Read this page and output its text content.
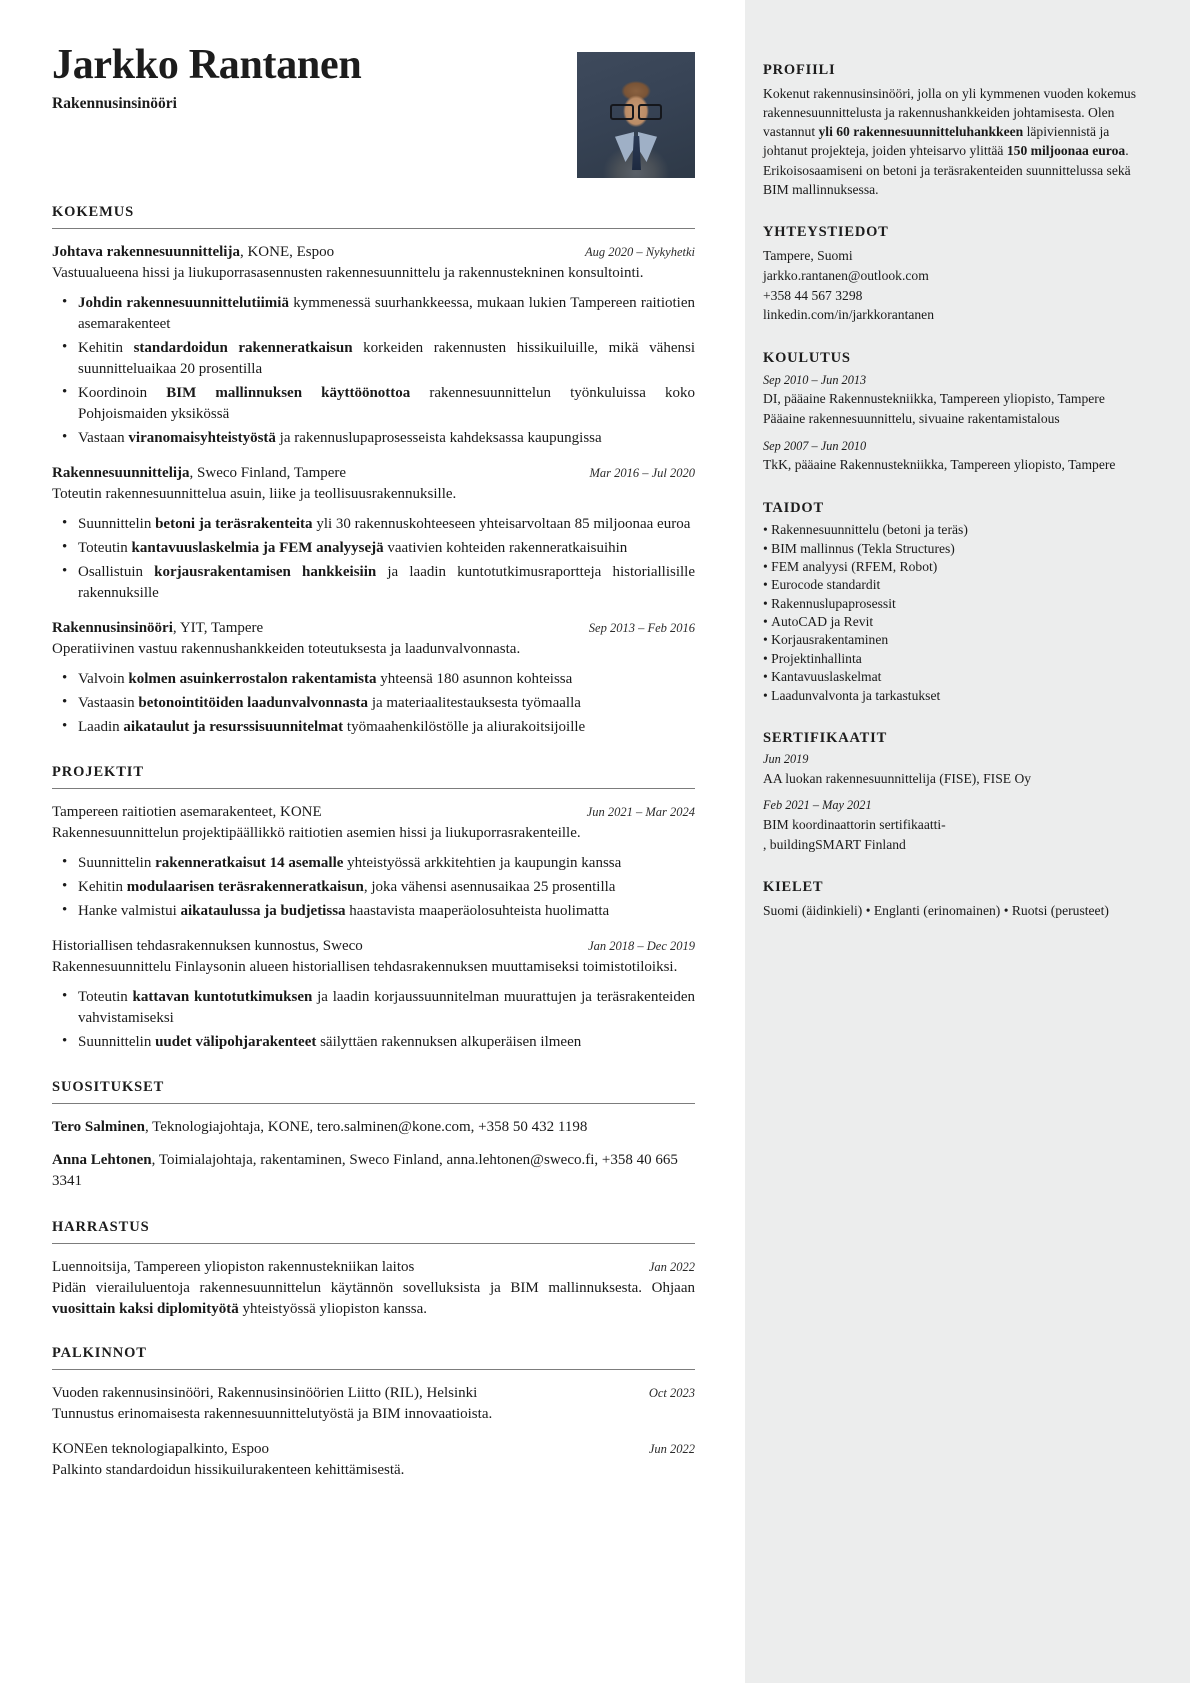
Jarkko Rantanen
Rakennusinsinööri
KOKEMUS
Johtava rakennesuunnittelija, KONE, Espoo	Aug 2020 – Nykyhetki
Vastuualueena hissi ja liukuporrasasennusten rakennesuunnittelu ja rakennustekninen konsultointi.
• Johdin rakennesuunnittelutiimiä kymmenessä suurhankkeessa, mukaan lukien Tampereen raitiotien asemarakenteet
• Kehitin standardoidun rakenneratkaisun korkeiden rakennusten hissikuiluille, mikä vähensi suunnitteluaikaa 20 prosentilla
• Koordinoin BIM mallinnuksen käyttöönottoa rakennesuunnittelun työnkuluissa koko Pohjoismaiden yksikössä
• Vastaan viranomaisyhteistyöstä ja rakennuslupaprosesseista kahdeksassa kaupungissa
Rakennesuunnittelija, Sweco Finland, Tampere	Mar 2016 – Jul 2020
Toteutin rakennesuunnittelua asuin, liike ja teollisuusrakennuksille.
• Suunnittelin betoni ja teräsrakenteita yli 30 rakennuskohteeseen yhteisarvoltaan 85 miljoonaa euroa
• Toteutin kantavuuslaskelmia ja FEM analyysejä vaativien kohteiden rakenneratkaisuihin
• Osallistuin korjausrakentamisen hankkeisiin ja laadin kuntotutkimusraportteja historiallisille rakennuksille
Rakennusinsinööri, YIT, Tampere	Sep 2013 – Feb 2016
Operatiivinen vastuu rakennushankkeiden toteutuksesta ja laadunvalvonnasta.
• Valvoin kolmen asuinkerrostalon rakentamista yhteensä 180 asunnon kohteissa
• Vastaasin betonointitöiden laadunvalvonnasta ja materiaalitestauksesta työmaalla
• Laadin aikataulut ja resurssisuunnitelmat työmaahenkilöstölle ja aliurakoitsijoille
PROJEKTIT
Tampereen raitiotien asemarakenteet, KONE	Jun 2021 – Mar 2024
Rakennesuunnittelun projektipäällikkö raitiotien asemien hissi ja liukuporrasrakenteille.
• Suunnittelin rakenneratkaisut 14 asemalle yhteistyössä arkkitehtien ja kaupungin kanssa
• Kehitin modulaarisen teräsrakenneratkaisun, joka vähensi asennusaikaa 25 prosentilla
• Hanke valmistui aikataulussa ja budjetissa haastavista maaperäolosuhteista huolimatta
Historiallisen tehdasrakennuksen kunnostus, Sweco	Jan 2018 – Dec 2019
Rakennesuunnittelu Finlaysonin alueen historiallisen tehdasrakennuksen muuttamiseksi toimistotiloiksi.
• Toteutin kattavan kuntotutkimuksen ja laadin korjaussuunnitelman muurattujen ja teräsrakenteiden vahvistamiseksi
• Suunnittelin uudet välipohjarakenteet säilyttäen rakennuksen alkuperäisen ilmeen
SUOSITUKSET
Tero Salminen, Teknologiajohtaja, KONE, tero.salminen@kone.com, +358 50 432 1198
Anna Lehtonen, Toimialajohtaja, rakentaminen, Sweco Finland, anna.lehtonen@sweco.fi, +358 40 665 3341
HARRASTUS
Luennoitsija, Tampereen yliopiston rakennustekniikan laitos	Jan 2022
Pidän vierailuluentoja rakennesuunnittelun käytännön sovelluksista ja BIM mallinnuksesta. Ohjaan vuosittain kaksi diplomityötä yhteistyössä yliopiston kanssa.
PALKINNOT
Vuoden rakennusinsinööri, Rakennusinsinöörien Liitto (RIL), Helsinki	Oct 2023
Tunnustus erinomaisesta rakennesuunnittelutyöstä ja BIM innovaatioista.
KONEen teknologiapalkinto, Espoo	Jun 2022
Palkinto standardoidun hissikuilurakenteen kehittämisestä.
PROFIILI
Kokenut rakennusinsinööri, jolla on yli kymmenen vuoden kokemus rakennesuunnittelusta ja rakennushankkeiden johtamisesta. Olen vastannut yli 60 rakennesuunnitteluhankkeen läpiviennistä ja johtanut projekteja, joiden yhteisarvo ylittää 150 miljoonaa euroa. Erikoisosaamiseni on betoni ja teräsrakenteiden suunnittelussa sekä BIM mallinnuksessa.
YHTEYSTIEDOT
Tampere, Suomi
jarkko.rantanen@outlook.com
+358 44 567 3298
linkedin.com/in/jarkkorantanen
KOULUTUS
Sep 2010 – Jun 2013
DI, pääaine Rakennustekniikka, Tampereen yliopisto, Tampere
Pääaine rakennesuunnittelu, sivuaine rakentamistalous
Sep 2007 – Jun 2010
TkK, pääaine Rakennustekniikka, Tampereen yliopisto, Tampere
TAIDOT
• Rakennesuunnittelu (betoni ja teräs)
• BIM mallinnus (Tekla Structures)
• FEM analyysi (RFEM, Robot)
• Eurocode standardit
• Rakennuslupaprosessit
• AutoCAD ja Revit
• Korjausrakentaminen
• Projektinhallinta
• Kantavuuslaskelmat
• Laadunvalvonta ja tarkastukset
SERTIFIKAATIT
Jun 2019
AA luokan rakennesuunnittelija (FISE), FISE Oy
Feb 2021 – May 2021
BIM koordinaattorin sertifikaatti-
, buildingSMART Finland
KIELET
Suomi (äidinkieli) • Englanti (erinomainen) • Ruotsi (perusteet)
